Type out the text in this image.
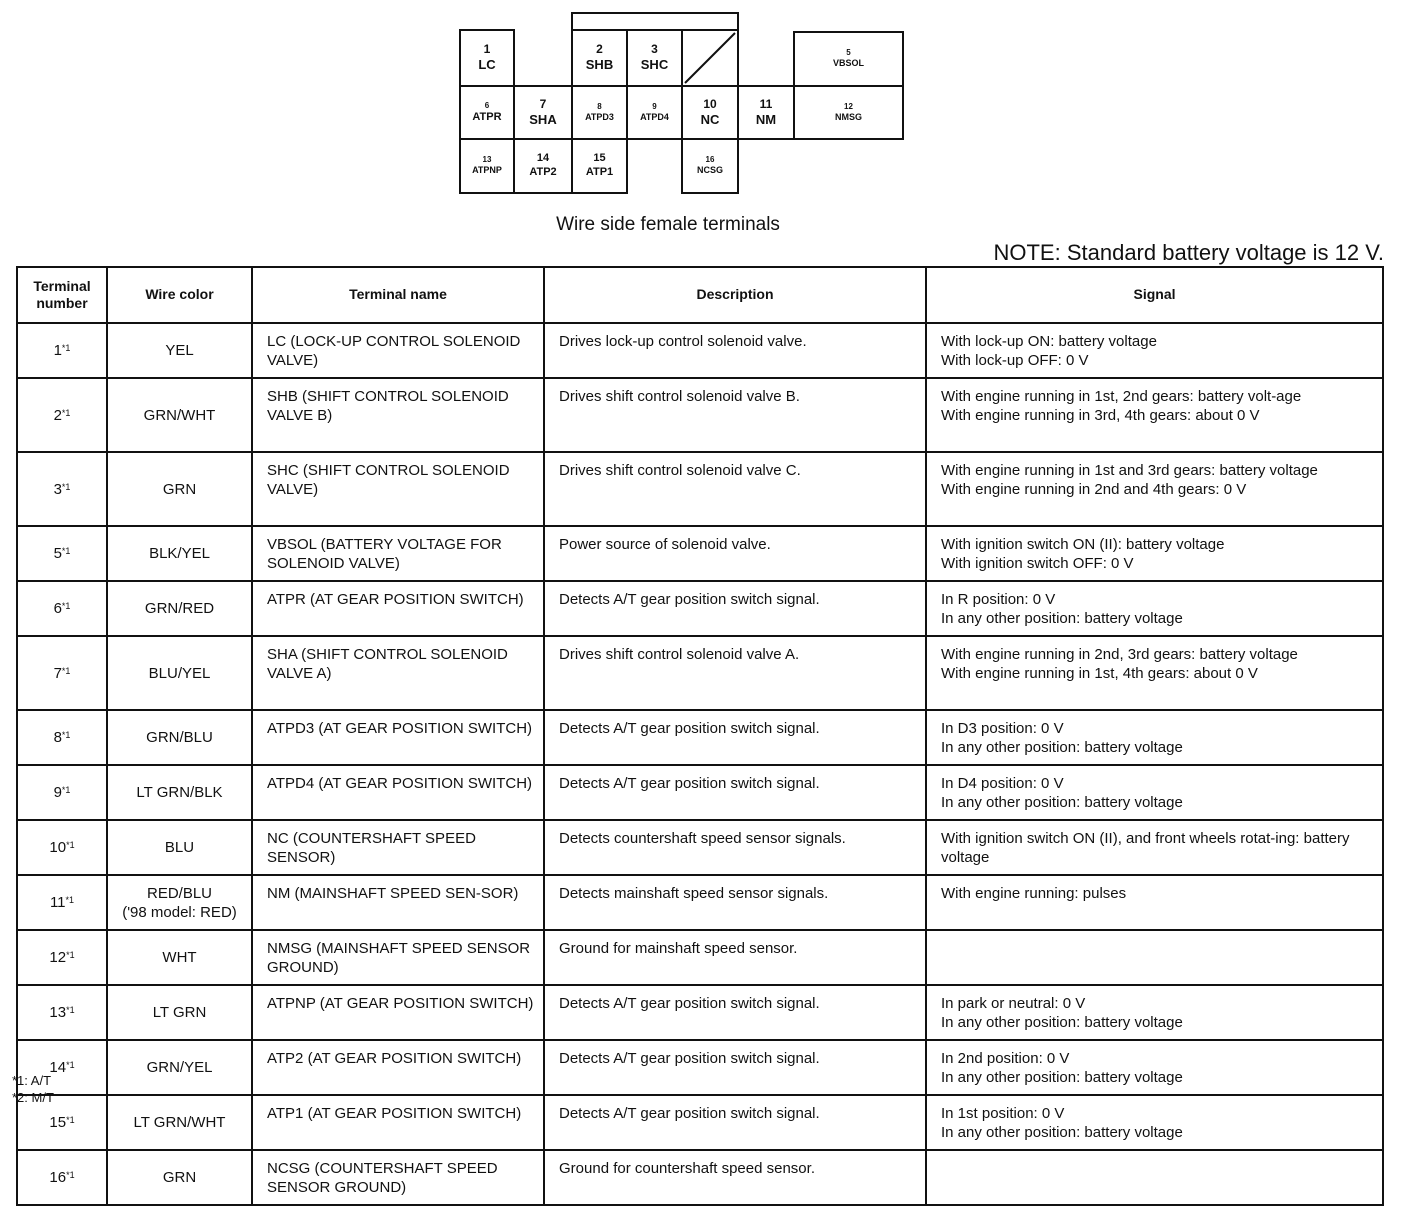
1
LC
2
SHB
3
SHC
5
VBSOL
6
ATPR
7
SHA
8
ATPD3
9
ATPD4
10
NC
11
NM
12
NMSG
13
ATPNP
14
ATP2
15
ATP1
16
NCSG
Wire side female terminals
NOTE: Standard battery voltage is 12 V.
Terminal number	Wire color	Terminal name	Description	Signal
1$^{*1}$	YEL	LC (LOCK-UP CONTROL SOLENOID VALVE)	Drives lock-up control solenoid valve.	With lock-up ON: battery voltage
With lock-up OFF: 0 V

2$^{*1}$	GRN/WHT	SHB (SHIFT CONTROL SOLENOID VALVE B)	Drives shift control solenoid valve B.	With engine running in 1st, 2nd gears: battery volt-age
With engine running in 3rd, 4th gears: about 0 V

3$^{*1}$	GRN	SHC (SHIFT CONTROL SOLENOID VALVE)	Drives shift control solenoid valve C.	With engine running in 1st and 3rd gears: battery voltage
With engine running in 2nd and 4th gears: 0 V

5$^{*1}$	BLK/YEL	VBSOL (BATTERY VOLTAGE FOR SOLENOID VALVE)	Power source of solenoid valve.	With ignition switch ON (II): battery voltage
With ignition switch OFF: 0 V

6$^{*1}$	GRN/RED	ATPR (AT GEAR POSITION SWITCH)	Detects A/T gear position switch signal.	In R position: 0 V
In any other position: battery voltage

7$^{*1}$	BLU/YEL	SHA (SHIFT CONTROL SOLENOID VALVE A)	Drives shift control solenoid valve A.	With engine running in 2nd, 3rd gears: battery voltage
With engine running in 1st, 4th gears: about 0 V

8$^{*1}$	GRN/BLU	ATPD3 (AT GEAR POSITION SWITCH)	Detects A/T gear position switch signal.	In D3 position: 0 V
In any other position: battery voltage

9$^{*1}$	LT GRN/BLK	ATPD4 (AT GEAR POSITION SWITCH)	Detects A/T gear position switch signal.	In D4 position: 0 V
In any other position: battery voltage

10$^{*1}$	BLU	NC (COUNTERSHAFT SPEED SENSOR)	Detects countershaft speed sensor signals.	With ignition switch ON (II), and front wheels rotat-ing: battery voltage

11$^{*1}$	RED/BLU
('98 model: RED)	NM (MAINSHAFT SPEED SEN-SOR)	Detects mainshaft speed sensor signals.	With engine running: pulses

12$^{*1}$	WHT	NMSG (MAINSHAFT SPEED SENSOR GROUND)	Ground for mainshaft speed sensor.	
13$^{*1}$	LT GRN	ATPNP (AT GEAR POSITION SWITCH)	Detects A/T gear position switch signal.	In park or neutral: 0 V
In any other position: battery voltage

14$^{*1}$	GRN/YEL	ATP2 (AT GEAR POSITION SWITCH)	Detects A/T gear position switch signal.	In 2nd position: 0 V
In any other position: battery voltage

15$^{*1}$	LT GRN/WHT	ATP1 (AT GEAR POSITION SWITCH)	Detects A/T gear position switch signal.	In 1st position: 0 V
In any other position: battery voltage

16$^{*1}$	GRN	NCSG (COUNTERSHAFT SPEED SENSOR GROUND)	Ground for countershaft speed sensor.	
*1: A/T
*2: M/T
